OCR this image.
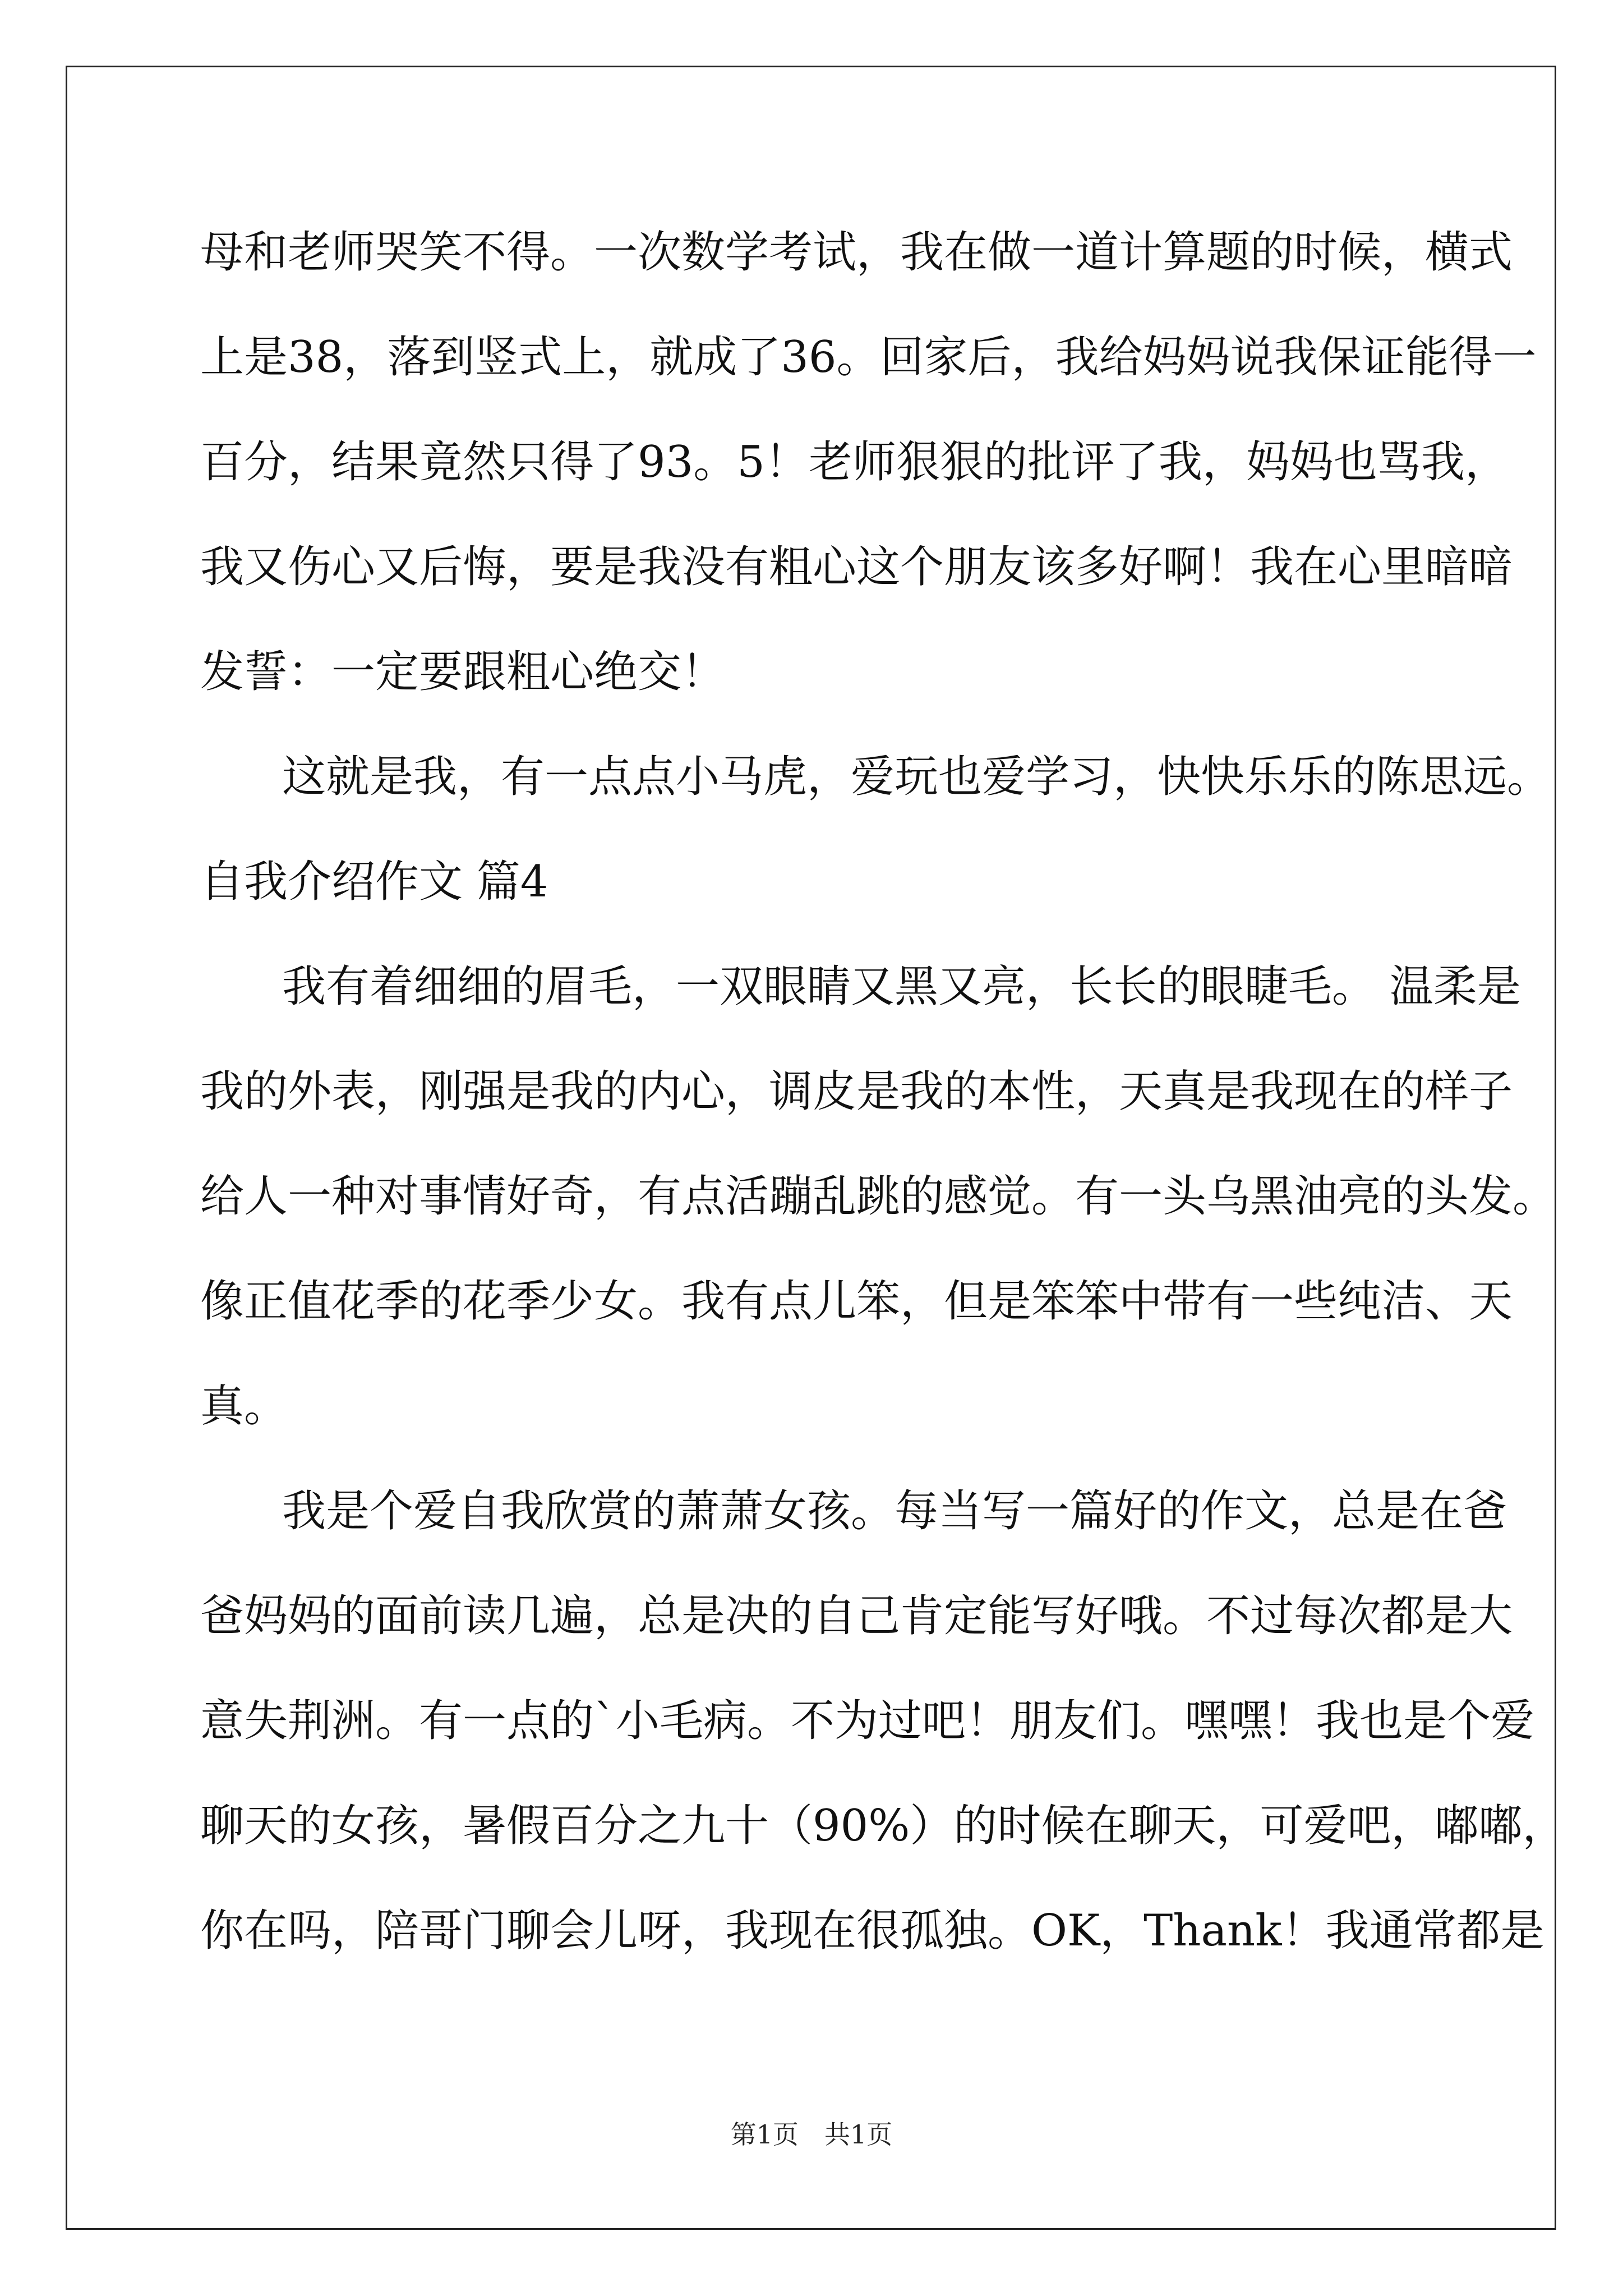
母和老师哭笑不得。一次数学考试，我在做一道计算题的时候，横式

上是38，落到竖式上，就成了36。回家后，我给妈妈说我保证能得一

百分，结果竟然只得了93。5！老师狠狠的批评了我，妈妈也骂我，

我又伤心又后悔，要是我没有粗心这个朋友该多好啊！我在心里暗暗

发誓：一定要跟粗心绝交！

这就是我，有一点点小马虎，爱玩也爱学习，快快乐乐的陈思远。

自我介绍作文 篇4

我有着细细的眉毛，一双眼睛又黑又亮，长长的眼睫毛。 温柔是

我的外表，刚强是我的内心，调皮是我的本性，天真是我现在的样子

给人一种对事情好奇，有点活蹦乱跳的感觉。有一头乌黑油亮的头发。

像正值花季的花季少女。我有点儿笨，但是笨笨中带有一些纯洁、天

真。

我是个爱自我欣赏的萧萧女孩。每当写一篇好的作文，总是在爸

爸妈妈的面前读几遍，总是决的自己肯定能写好哦。不过每次都是大

意失荆洲。有一点的`小毛病。不为过吧！朋友们。嘿嘿！我也是个爱

聊天的女孩，暑假百分之九十（90%）的时候在聊天，可爱吧，嘟嘟，

你在吗，陪哥门聊会儿呀，我现在很孤独。OK，Thank！我通常都是

第1页　共1页
